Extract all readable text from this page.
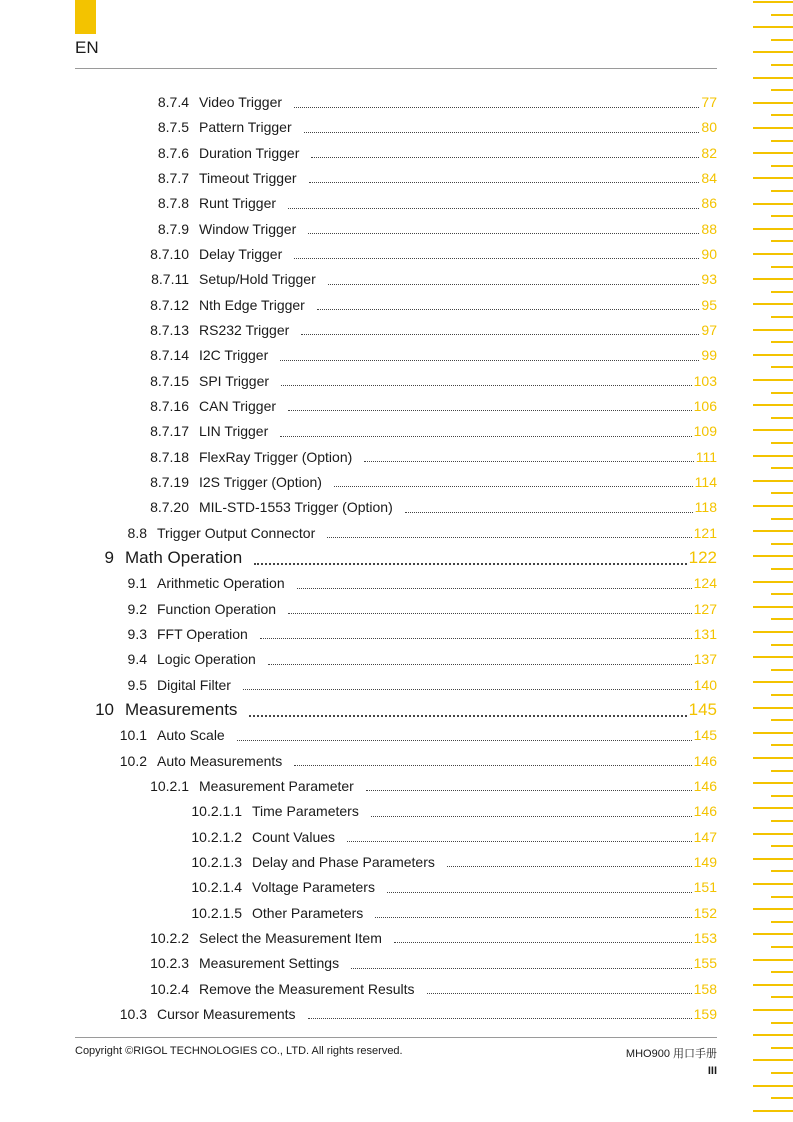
EN
8.7.4 Video Trigger	77
8.7.5 Pattern Trigger	80
8.7.6 Duration Trigger	82
8.7.7 Timeout Trigger	84
8.7.8 Runt Trigger	86
8.7.9 Window Trigger	88
8.7.10 Delay Trigger	90
8.7.11 Setup/Hold Trigger	93
8.7.12 Nth Edge Trigger	95
8.7.13 RS232 Trigger	97
8.7.14 I2C Trigger	99
8.7.15 SPI Trigger	103
8.7.16 CAN Trigger	106
8.7.17 LIN Trigger	109
8.7.18 FlexRay Trigger (Option)	111
8.7.19 I2S Trigger (Option)	114
8.7.20 MIL-STD-1553 Trigger (Option)	118
8.8 Trigger Output Connector	121
9 Math Operation	122
9.1 Arithmetic Operation	124
9.2 Function Operation	127
9.3 FFT Operation	131
9.4 Logic Operation	137
9.5 Digital Filter	140
10 Measurements	145
10.1 Auto Scale	145
10.2 Auto Measurements	146
10.2.1 Measurement Parameter	146
10.2.1.1 Time Parameters	146
10.2.1.2 Count Values	147
10.2.1.3 Delay and Phase Parameters	149
10.2.1.4 Voltage Parameters	151
10.2.1.5 Other Parameters	152
10.2.2 Select the Measurement Item	153
10.2.3 Measurement Settings	155
10.2.4 Remove the Measurement Results	158
10.3 Cursor Measurements	159
Copyright ©RIGOL TECHNOLOGIES CO., LTD. All rights reserved.	MHO900 用口手册
III
